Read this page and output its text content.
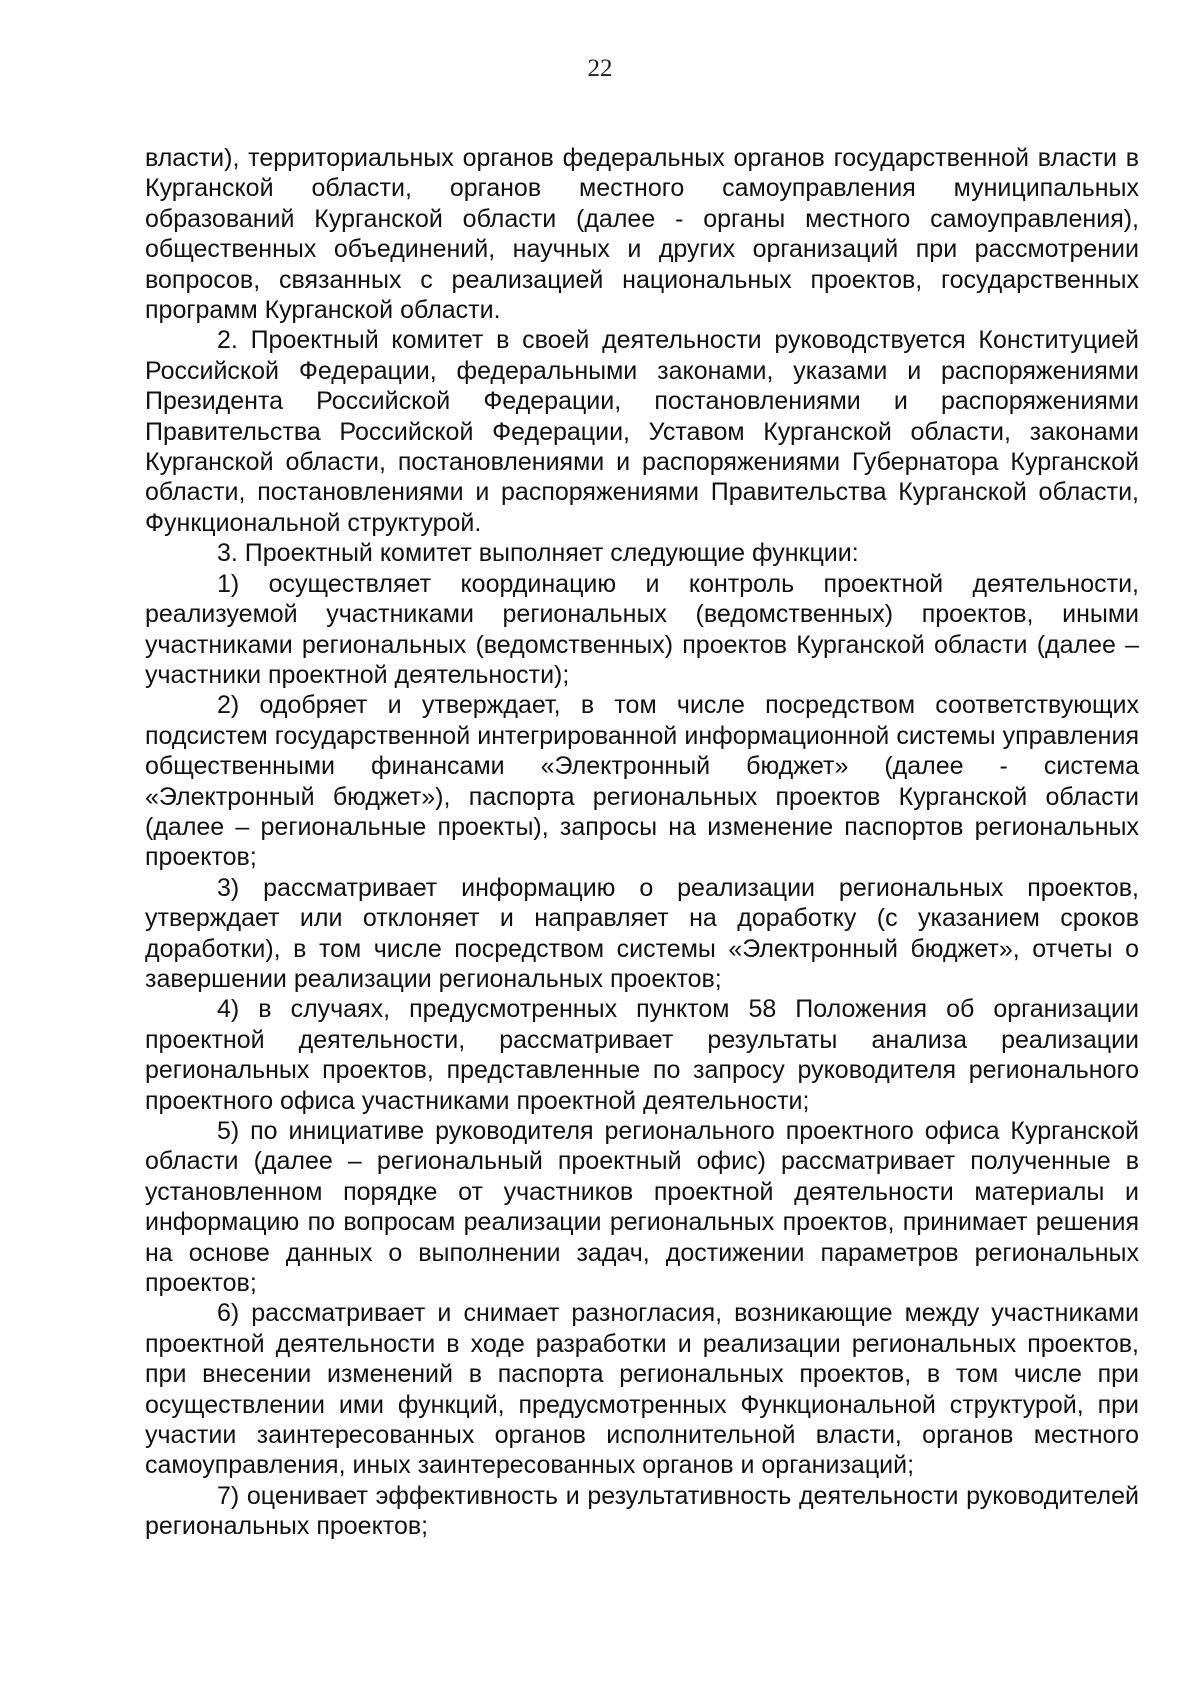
22

власти), территориальных органов федеральных органов государственной власти в Курганской области, органов местного самоуправления муниципальных образований Курганской области (далее - органы местного самоуправления), общественных объединений, научных и других организаций при рассмотрении вопросов, связанных с реализацией национальных проектов, государственных программ Курганской области.

2. Проектный комитет в своей деятельности руководствуется Конституцией Российской Федерации, федеральными законами, указами и распоряжениями Президента Российской Федерации, постановлениями и распоряжениями Правительства Российской Федерации, Уставом Курганской области, законами Курганской области, постановлениями и распоряжениями Губернатора Курганской области, постановлениями и распоряжениями Правительства Курганской области, Функциональной структурой.

3. Проектный комитет выполняет следующие функции:

1) осуществляет координацию и контроль проектной деятельности, реализуемой участниками региональных (ведомственных) проектов, иными участниками региональных (ведомственных) проектов Курганской области (далее – участники проектной деятельности);

2) одобряет и утверждает, в том числе посредством соответствующих подсистем государственной интегрированной информационной системы управления общественными финансами «Электронный бюджет» (далее - система «Электронный бюджет»), паспорта региональных проектов Курганской области (далее – региональные проекты), запросы на изменение паспортов региональных проектов;

3) рассматривает информацию о реализации региональных проектов, утверждает или отклоняет и направляет на доработку (с указанием сроков доработки), в том числе посредством системы «Электронный бюджет», отчеты о завершении реализации региональных проектов;

4) в случаях, предусмотренных пунктом 58 Положения об организации проектной деятельности, рассматривает результаты анализа реализации региональных проектов, представленные по запросу руководителя регионального проектного офиса участниками проектной деятельности;

5) по инициативе руководителя регионального проектного офиса Курганской области (далее – региональный проектный офис) рассматривает полученные в установленном порядке от участников проектной деятельности материалы и информацию по вопросам реализации региональных проектов, принимает решения на основе данных о выполнении задач, достижении параметров региональных проектов;

6) рассматривает и снимает разногласия, возникающие между участниками проектной деятельности в ходе разработки и реализации региональных проектов, при внесении изменений в паспорта региональных проектов, в том числе при осуществлении ими функций, предусмотренных Функциональной структурой, при участии заинтересованных органов исполнительной власти, органов местного самоуправления, иных заинтересованных органов и организаций;

7) оценивает эффективность и результативность деятельности руководителей региональных проектов;
